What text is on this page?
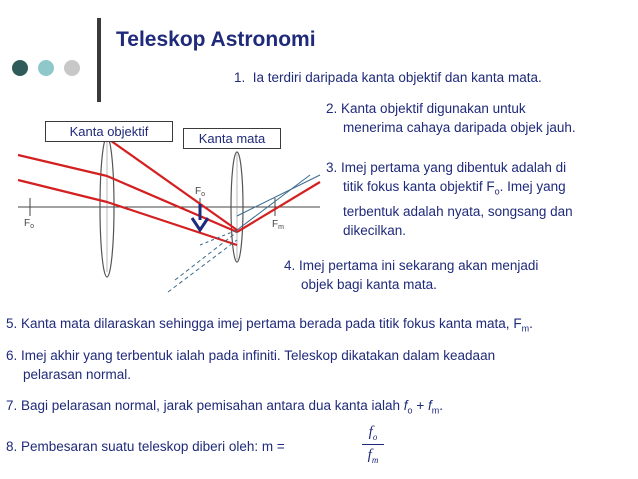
Teleskop Astronomi
$F_o$
$F_o$
$F_m$
Kanta objektif	Kanta mata
1. Ia terdiri daripada kanta objektif dan kanta mata.
2. Kanta objektif digunakan untuk
menerima cahaya daripada objek jauh.
3. Imej pertama yang dibentuk adalah di
titik fokus kanta objektif $F_o$. Imej yang
terbentuk adalah nyata, songsang dan
dikecilkan.
4. Imej pertama ini sekarang akan menjadi
objek bagi kanta mata.
5. Kanta mata dilaraskan sehingga imej pertama berada pada titik fokus kanta mata, $F_m$.
6. Imej akhir yang terbentuk ialah pada infiniti. Teleskop dikatakan dalam keadaan
pelarasan normal.
7. Bagi pelarasan normal, jarak pemisahan antara dua kanta ialah $f_o + f_m$.
8. Pembesaran suatu teleskop diberi oleh: m =
$f_o$
$f_m$
